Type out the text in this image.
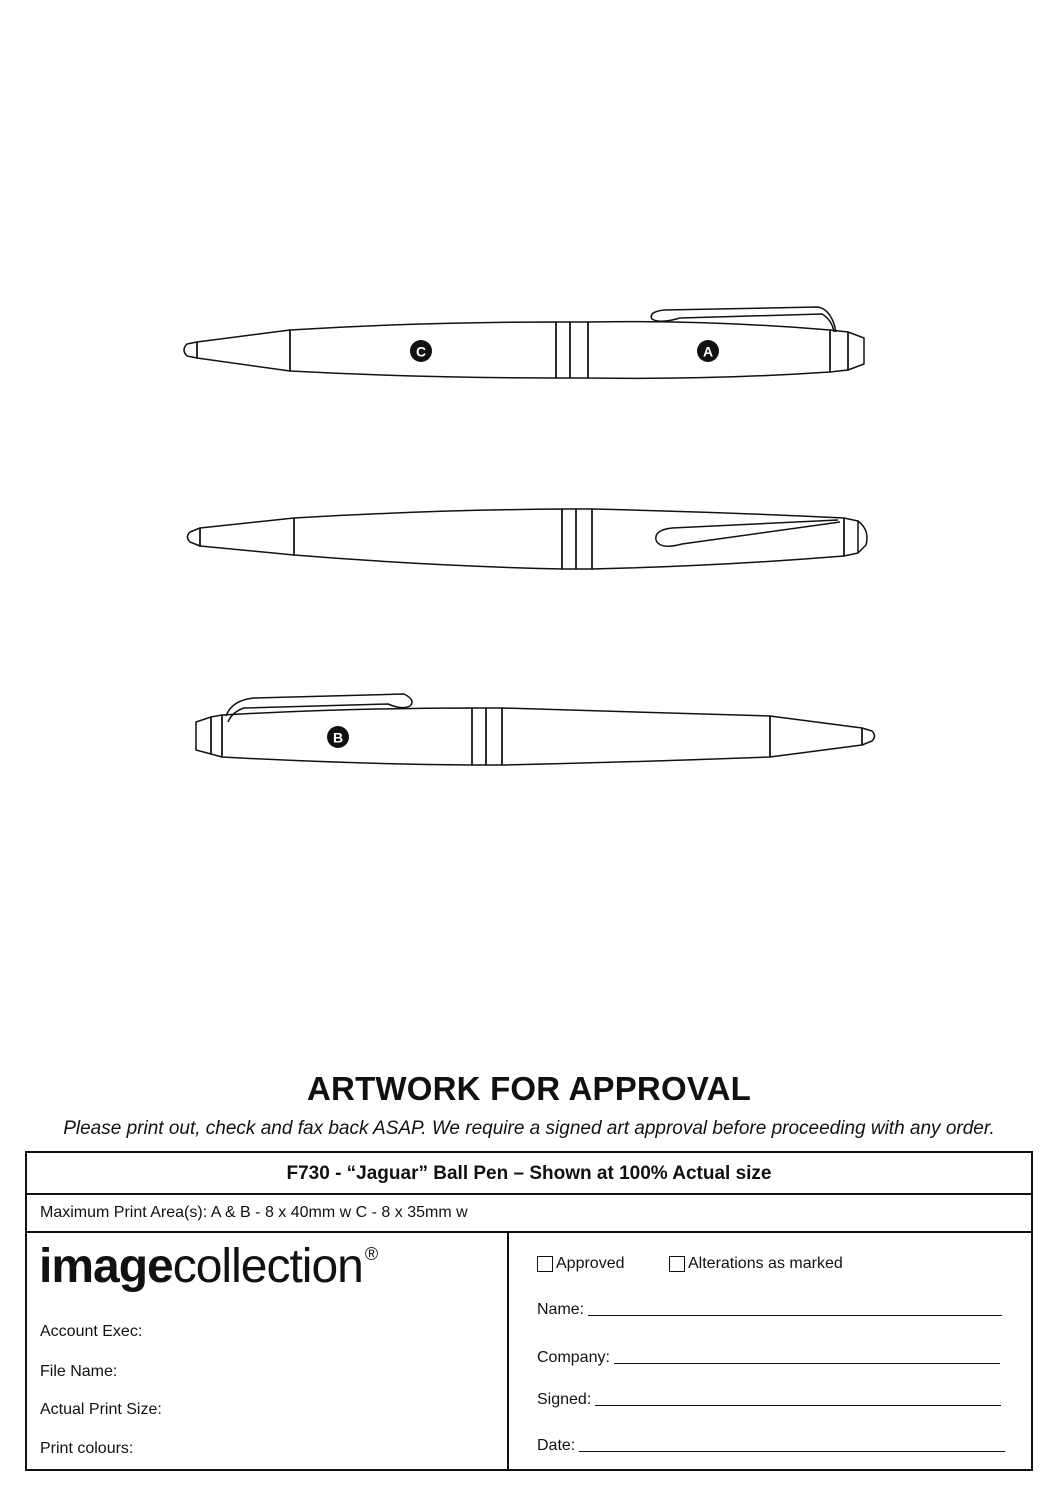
C	A
B
ARTWORK FOR APPROVAL
Please print out, check and fax back ASAP. We require a signed art approval before proceeding with any order.
F730 - “Jaguar” Ball Pen – Shown at 100% Actual size
Maximum Print Area(s): A & B - 8 x 40mm w C - 8 x 35mm w
imagecollection ®
Account Exec:
File Name:
Actual Print Size:
Print colours:
Approved	Alterations as marked
Name:
Company:
Signed:
Date:
